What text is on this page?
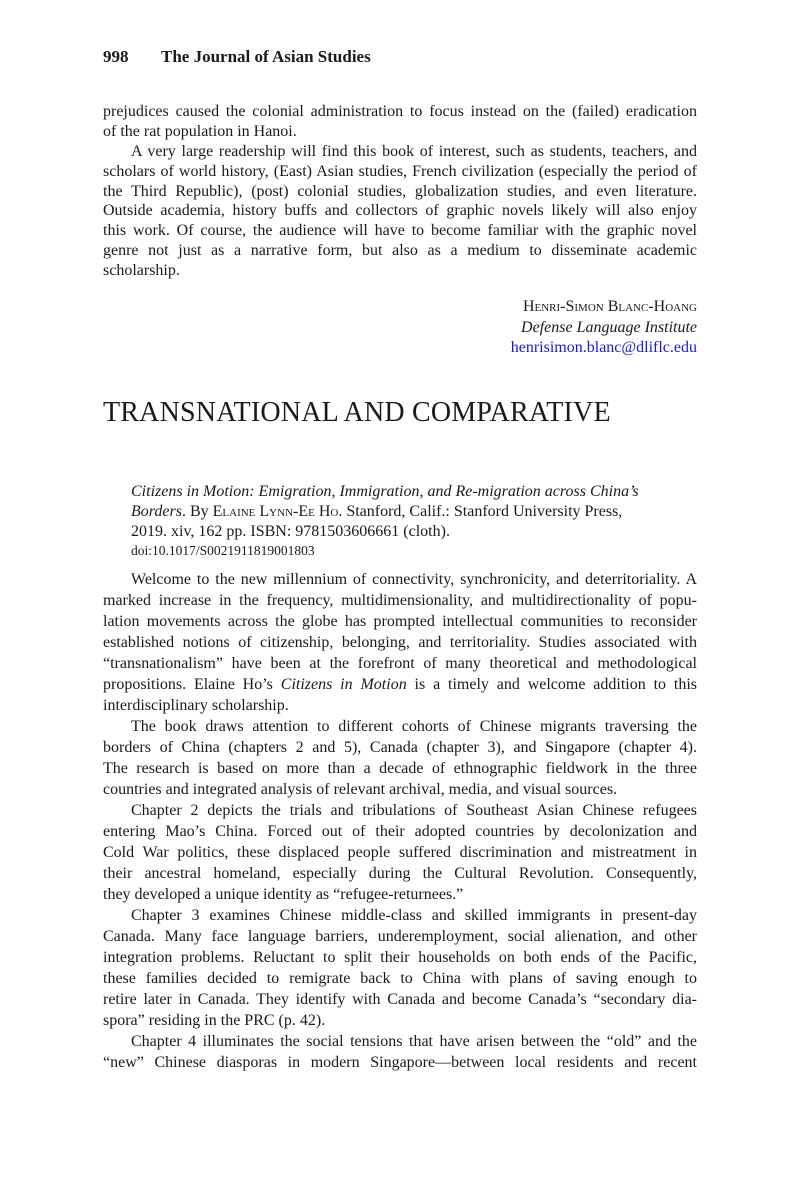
998 The Journal of Asian Studies
prejudices caused the colonial administration to focus instead on the (failed) eradication
of the rat population in Hanoi.
A very large readership will find this book of interest, such as students, teachers, and
scholars of world history, (East) Asian studies, French civilization (especially the period of
the Third Republic), (post) colonial studies, globalization studies, and even literature.
Outside academia, history buffs and collectors of graphic novels likely will also enjoy
this work. Of course, the audience will have to become familiar with the graphic novel
genre not just as a narrative form, but also as a medium to disseminate academic
scholarship.
Henri-Simon Blanc-Hoang
Defense Language Institute
henrisimon.blanc@dliflc.edu
TRANSNATIONAL AND COMPARATIVE
Citizens in Motion: Emigration, Immigration, and Re-migration across China’s
Borders. By Elaine Lynn-Ee Ho. Stanford, Calif.: Stanford University Press,
2019. xiv, 162 pp. ISBN: 9781503606661 (cloth).
doi:10.1017/S0021911819001803
Welcome to the new millennium of connectivity, synchronicity, and deterritoriality. A
marked increase in the frequency, multidimensionality, and multidirectionality of popu-
lation movements across the globe has prompted intellectual communities to reconsider
established notions of citizenship, belonging, and territoriality. Studies associated with
“transnationalism” have been at the forefront of many theoretical and methodological
propositions. Elaine Ho’s Citizens in Motion is a timely and welcome addition to this
interdisciplinary scholarship.
The book draws attention to different cohorts of Chinese migrants traversing the
borders of China (chapters 2 and 5), Canada (chapter 3), and Singapore (chapter 4).
The research is based on more than a decade of ethnographic fieldwork in the three
countries and integrated analysis of relevant archival, media, and visual sources.
Chapter 2 depicts the trials and tribulations of Southeast Asian Chinese refugees
entering Mao’s China. Forced out of their adopted countries by decolonization and
Cold War politics, these displaced people suffered discrimination and mistreatment in
their ancestral homeland, especially during the Cultural Revolution. Consequently,
they developed a unique identity as “refugee-returnees.”
Chapter 3 examines Chinese middle-class and skilled immigrants in present-day
Canada. Many face language barriers, underemployment, social alienation, and other
integration problems. Reluctant to split their households on both ends of the Pacific,
these families decided to remigrate back to China with plans of saving enough to
retire later in Canada. They identify with Canada and become Canada’s “secondary dia-
spora” residing in the PRC (p. 42).
Chapter 4 illuminates the social tensions that have arisen between the “old” and the
“new” Chinese diasporas in modern Singapore—between local residents and recent
